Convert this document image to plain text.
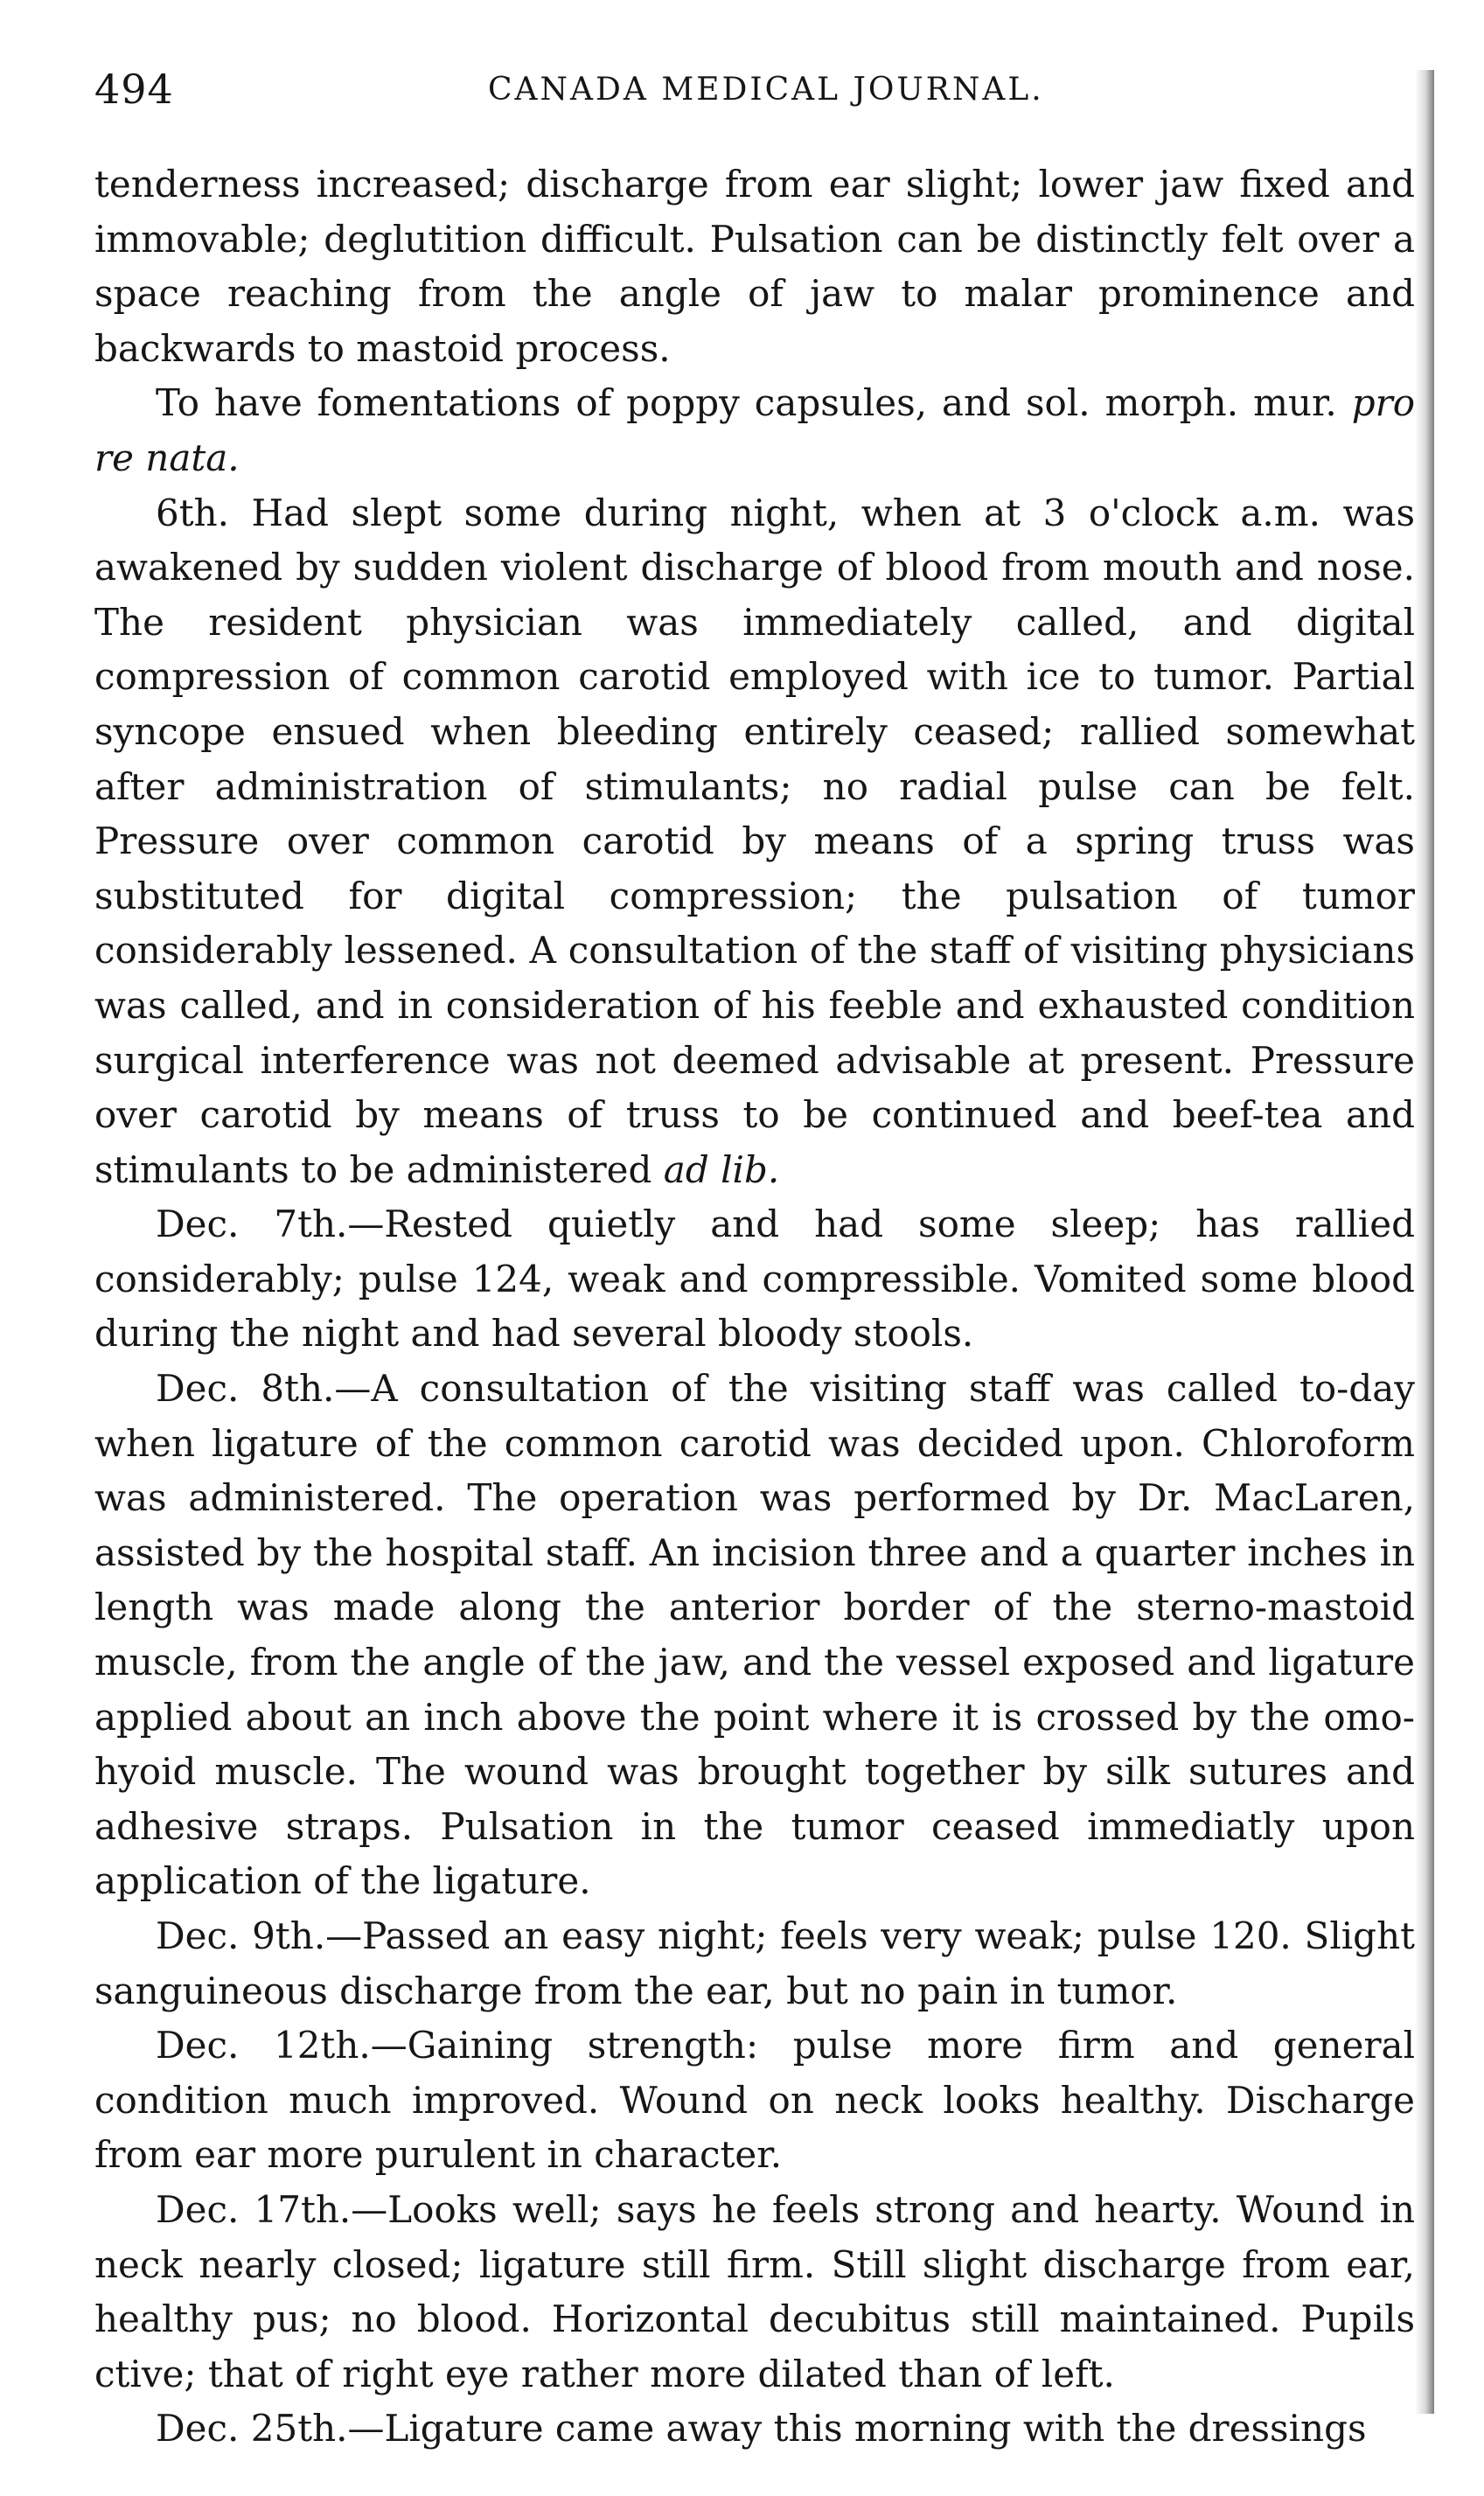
494	CANADA MEDICAL JOURNAL.

tenderness increased; discharge from ear slight; lower jaw fixed and immovable; deglutition difficult. Pulsation can be distinctly felt over a space reaching from the angle of jaw to malar prominence and backwards to mastoid process.

To have fomentations of poppy capsules, and sol. morph. mur. pro re nata.

6th. Had slept some during night, when at 3 o'clock a.m. was awakened by sudden violent discharge of blood from mouth and nose. The resident physician was immediately called, and digital compression of common carotid employed with ice to tumor. Partial syncope ensued when bleeding entirely ceased; rallied somewhat after administration of stimulants; no radial pulse can be felt. Pressure over common carotid by means of a spring truss was substituted for digital compression; the pulsation of tumor considerably lessened. A consultation of the staff of visiting physicians was called, and in consideration of his feeble and exhausted condition surgical interference was not deemed advisable at present. Pressure over carotid by means of truss to be continued and beef-tea and stimulants to be administered ad lib.

Dec. 7th.—Rested quietly and had some sleep; has rallied considerably; pulse 124, weak and compressible. Vomited some blood during the night and had several bloody stools.

Dec. 8th.—A consultation of the visiting staff was called to-day when ligature of the common carotid was decided upon. Chloroform was administered. The operation was performed by Dr. MacLaren, assisted by the hospital staff. An incision three and a quarter inches in length was made along the anterior border of the sterno-mastoid muscle, from the angle of the jaw, and the vessel exposed and ligature applied about an inch above the point where it is crossed by the omo-hyoid muscle. The wound was brought together by silk sutures and adhesive straps. Pulsation in the tumor ceased immediatly upon application of the ligature.

Dec. 9th.—Passed an easy night; feels very weak; pulse 120. Slight sanguineous discharge from the ear, but no pain in tumor.

Dec. 12th.—Gaining strength: pulse more firm and general condition much improved. Wound on neck looks healthy. Discharge from ear more purulent in character.

Dec. 17th.—Looks well; says he feels strong and hearty. Wound in neck nearly closed; ligature still firm. Still slight discharge from ear, healthy pus; no blood. Horizontal decubitus still maintained. Pupils ctive; that of right eye rather more dilated than of left.

Dec. 25th.—Ligature came away this morning with the dressings
